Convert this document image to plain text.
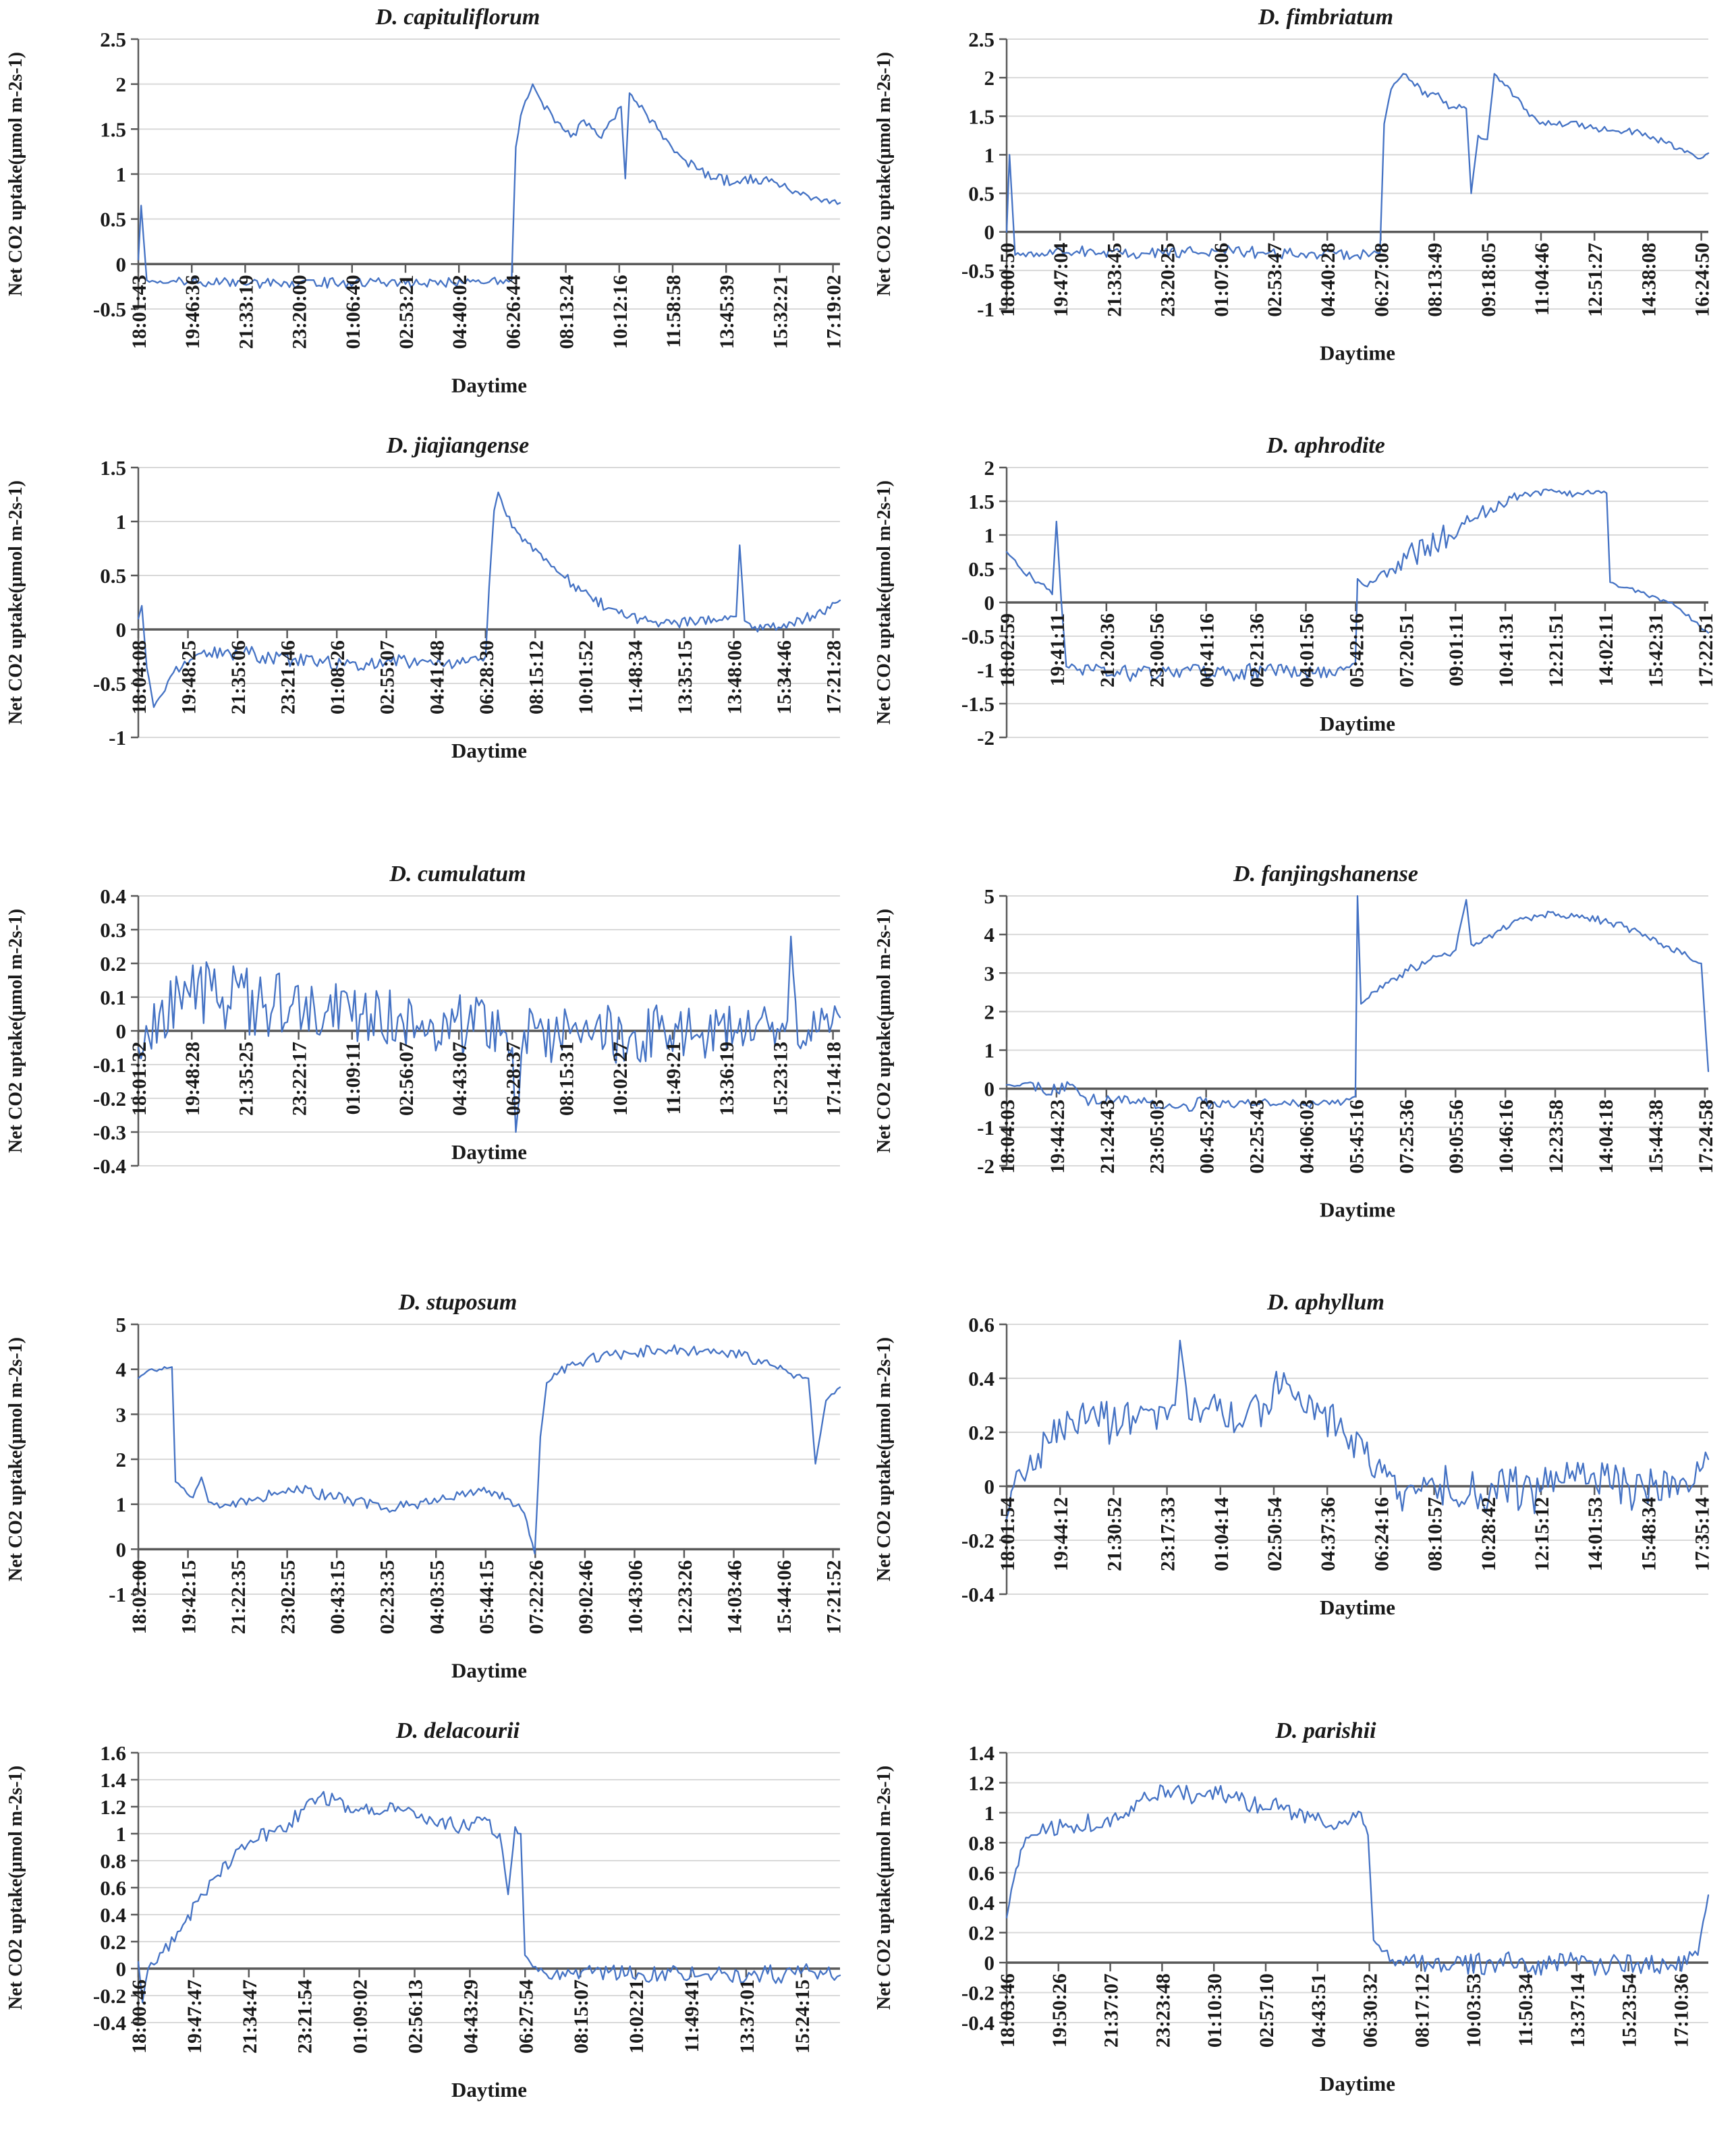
D. capituliflorum
2.5
2
1.5
1
0.5
0
-0.5 18:01:43 19:46:36 21:33:19 23:20:00 01:06:40 02:53:21 04:40:02 06:26:44 08:13:24 10:12:16 11:58:58 13:45:39 15:32:21 17:19:02
Daytime
Net CO2 uptake(μmol m-2s-1)
D. fimbriatum
2.5
2
1.5
1
0.5
0
-0.5
-1 18:00:50 19:47:04 21:33:45 23:20:25 01:07:06 02:53:47 04:40:28 06:27:08 08:13:49 09:18:05 11:04:46 12:51:27 14:38:08 16:24:50
Daytime
Net CO2 uptake(μmol m-2s-1)
D. jiajiangense
1.5
1
0.5
0
-0.5
-1
18:04:08 19:48:25 21:35:06 23:21:46 01:08:26 02:55:07 04:41:48 06:28:30 08:15:12 10:01:52 11:48:34 13:35:15 13:48:06 15:34:46 17:21:28
Daytime
Net CO2 uptake(μmol m-2s-1)
D. aphrodite
2
1.5
1
0.5
0
-0.5
-1
-1.5
-2
18:02:59 19:41:11 21:20:36 23:00:56 00:41:16 02:21:36 04:01:56 05:42:16 07:20:51 09:01:11 10:41:31 12:21:51 14:02:11 15:42:31 17:22:51
Daytime
Net CO2 uptake(μmol m-2s-1)
D. cumulatum
0.4
0.3
0.2
0.1
0
-0.1
-0.2
-0.3
-0.4
18:01:32 19:48:28 21:35:25 23:22:17 01:09:11 02:56:07 04:43:07 06:28:37 08:15:31 10:02:27 11:49:21 13:36:19 15:23:13 17:14:18
Daytime
Net CO2 uptake(μmol m-2s-1)
D. fanjingshanense
5
4
3
2
1
0
-1
-2 18:04:03 19:44:23 21:24:43 23:05:03 00:45:23 02:25:43 04:06:03 05:45:16 07:25:36 09:05:56 10:46:16 12:23:58 14:04:18 15:44:38 17:24:58
Daytime
Net CO2 uptake(μmol m-2s-1)
D. stuposum
5
4
3
2
1
0
-1 18:02:00 19:42:15 21:22:35 23:02:55 00:43:15 02:23:35 04:03:55 05:44:15 07:22:26 09:02:46 10:43:06 12:23:26 14:03:46 15:44:06 17:21:52
Daytime
Net CO2 uptake(μmol m-2s-1)
D. aphyllum
0.6
0.4
0.2
0
-0.2
-0.4
18:01:54 19:44:12 21:30:52 23:17:33 01:04:14 02:50:54 04:37:36 06:24:16 08:10:57 10:28:42 12:15:12 14:01:53 15:48:34 17:35:14
Daytime
Net CO2 uptake(μmol m-2s-1)
D. delacourii
1.6
1.4
1.2
1
0.8
0.6
0.4
0.2
0
-0.2
-0.4 18:00:46 19:47:47 21:34:47 23:21:54 01:09:02 02:56:13 04:43:29 06:27:54 08:15:07 10:02:21 11:49:41 13:37:01 15:24:15
Daytime
Net CO2 uptake(μmol m-2s-1)
D. parishii
1.4
1.2
1
0.8
0.6
0.4
0.2
0
-0.2
-0.4 18:03:46 19:50:26 21:37:07 23:23:48 01:10:30 02:57:10 04:43:51 06:30:32 08:17:12 10:03:53 11:50:34 13:37:14 15:23:54 17:10:36
Daytime
Net CO2 uptake(μmol m-2s-1)
